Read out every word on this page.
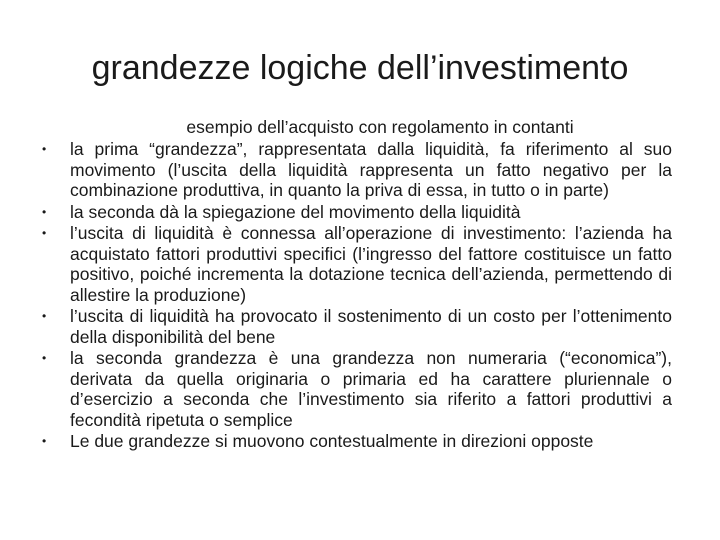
grandezze logiche dell’investimento

esempio dell’acquisto con regolamento in contanti

•	la prima “grandezza”, rappresentata dalla liquidità, fa riferimento al suo movimento (l’uscita della liquidità rappresenta un fatto negativo per la combinazione produttiva, in quanto la priva di essa, in tutto o in parte)
•	la seconda dà la spiegazione del movimento della liquidità
•	l’uscita di liquidità è connessa all’operazione di investimento: l’azienda ha acquistato fattori produttivi specifici (l’ingresso del fattore costituisce un fatto positivo, poiché incrementa la dotazione tecnica dell’azienda, permettendo di allestire la produzione)
•	l’uscita di liquidità ha provocato il sostenimento di un costo per l’ottenimento della disponibilità del bene
•	la seconda grandezza è una grandezza non numeraria (“economica”), derivata da quella originaria o primaria ed ha carattere pluriennale o d’esercizio a seconda che l’investimento sia riferito a fattori produttivi a fecondità ripetuta o semplice
•	Le due grandezze si muovono contestualmente in direzioni opposte
